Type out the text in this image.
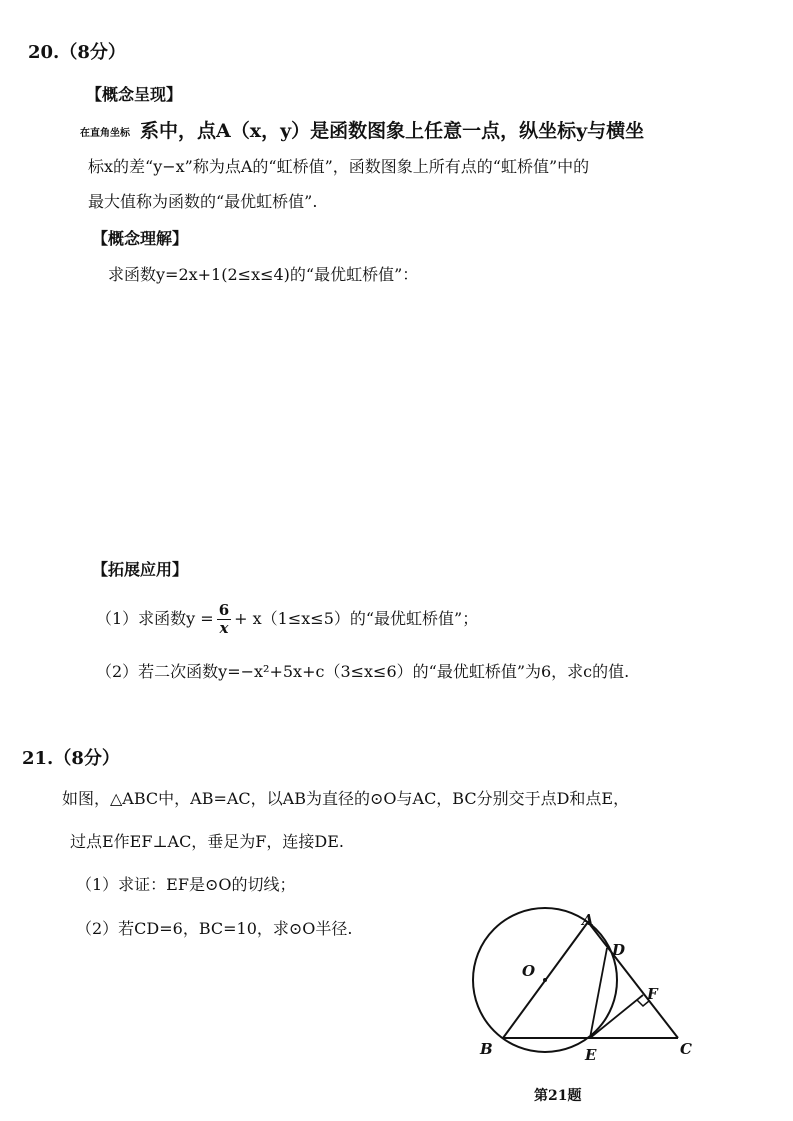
20.（8分）
【概念呈现】
在直角坐标 系中，点A（x，y）是函数图象上任意一点，纵坐标y与横坐
标x的差“y−x”称为点A的“虹桥值”，函数图象上所有点的“虹桥值”中的
最大值称为函数的“最优虹桥值”.
【概念理解】
求函数y=2x+1(2≤x≤4)的“最优虹桥值”：
【拓展应用】
（1）求函数$y = \frac{6}{x} + x(1\le x\le 5)$的“最优虹桥值”；
（2）若二次函数y=−x²+5x+c（3≤x≤6）的“最优虹桥值”为6，求c的值.
21.（8分）
如图，△ABC中，AB=AC，以AB为直径的⊙O与AC，BC分别交于点D和点E，
过点E作EF⊥AC，垂足为F，连接DE.
（1）求证：EF是⊙O的切线；
（2）若CD=6，BC=10，求⊙O半径.	A
B	C
D
E
F
O
第21题
